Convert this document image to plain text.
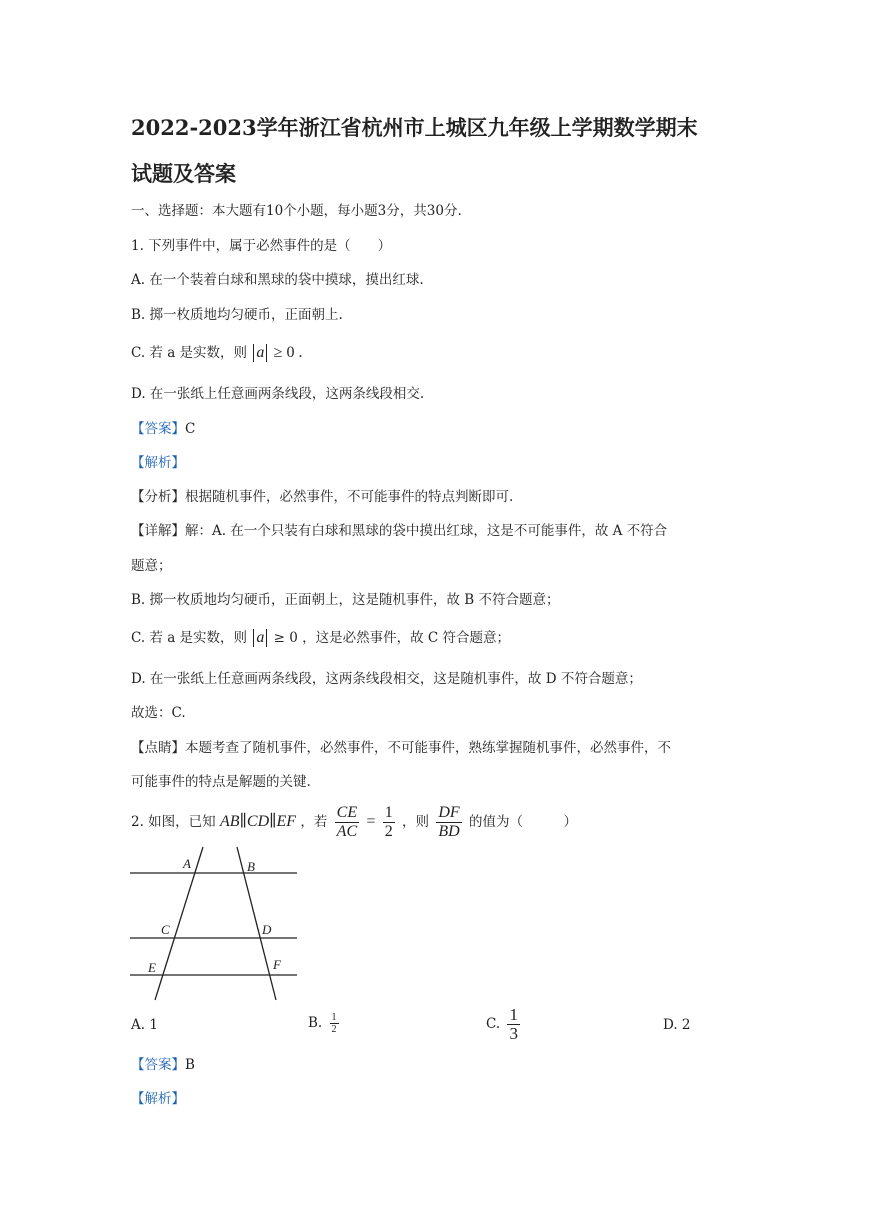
2022-2023学年浙江省杭州市上城区九年级上学期数学期末
试题及答案
一、选择题：本大题有10个小题，每小题3分，共30分.
1. 下列事件中，属于必然事件的是（　　）
A. 在一个装着白球和黑球的袋中摸球，摸出红球.
B. 掷一枚质地均匀硬币，正面朝上.
C. 若 a 是实数，则 a ≥ 0 .
D. 在一张纸上任意画两条线段，这两条线段相交.
【答案】C
【解析】
【分析】根据随机事件，必然事件，不可能事件的特点判断即可.
【详解】解：A. 在一个只装有白球和黑球的袋中摸出红球，这是不可能事件，故 A 不符合
题意；
B. 掷一枚质地均匀硬币，正面朝上，这是随机事件，故 B 不符合题意；
C. 若 a 是实数，则 a ≥ 0 ，这是必然事件，故 C 符合题意；
D. 在一张纸上任意画两条线段，这两条线段相交，这是随机事件，故 D 不符合题意；
故选：C.
【点睛】本题考查了随机事件，必然事件，不可能事件，熟练掌握随机事件，必然事件，不
可能事件的特点是解题的关键.
2. 如图，已知 AB∥CD∥EF ，若 $\frac{CE}{AC} = \frac{1}{2}$ ，则 $\frac{DF}{BD}$ 的值为（　　　）
A	B
C	D
E	F
A. 1	B. $\frac{1}{2}$	C. $\frac{1}{3}$	D. 2
【答案】B
【解析】
